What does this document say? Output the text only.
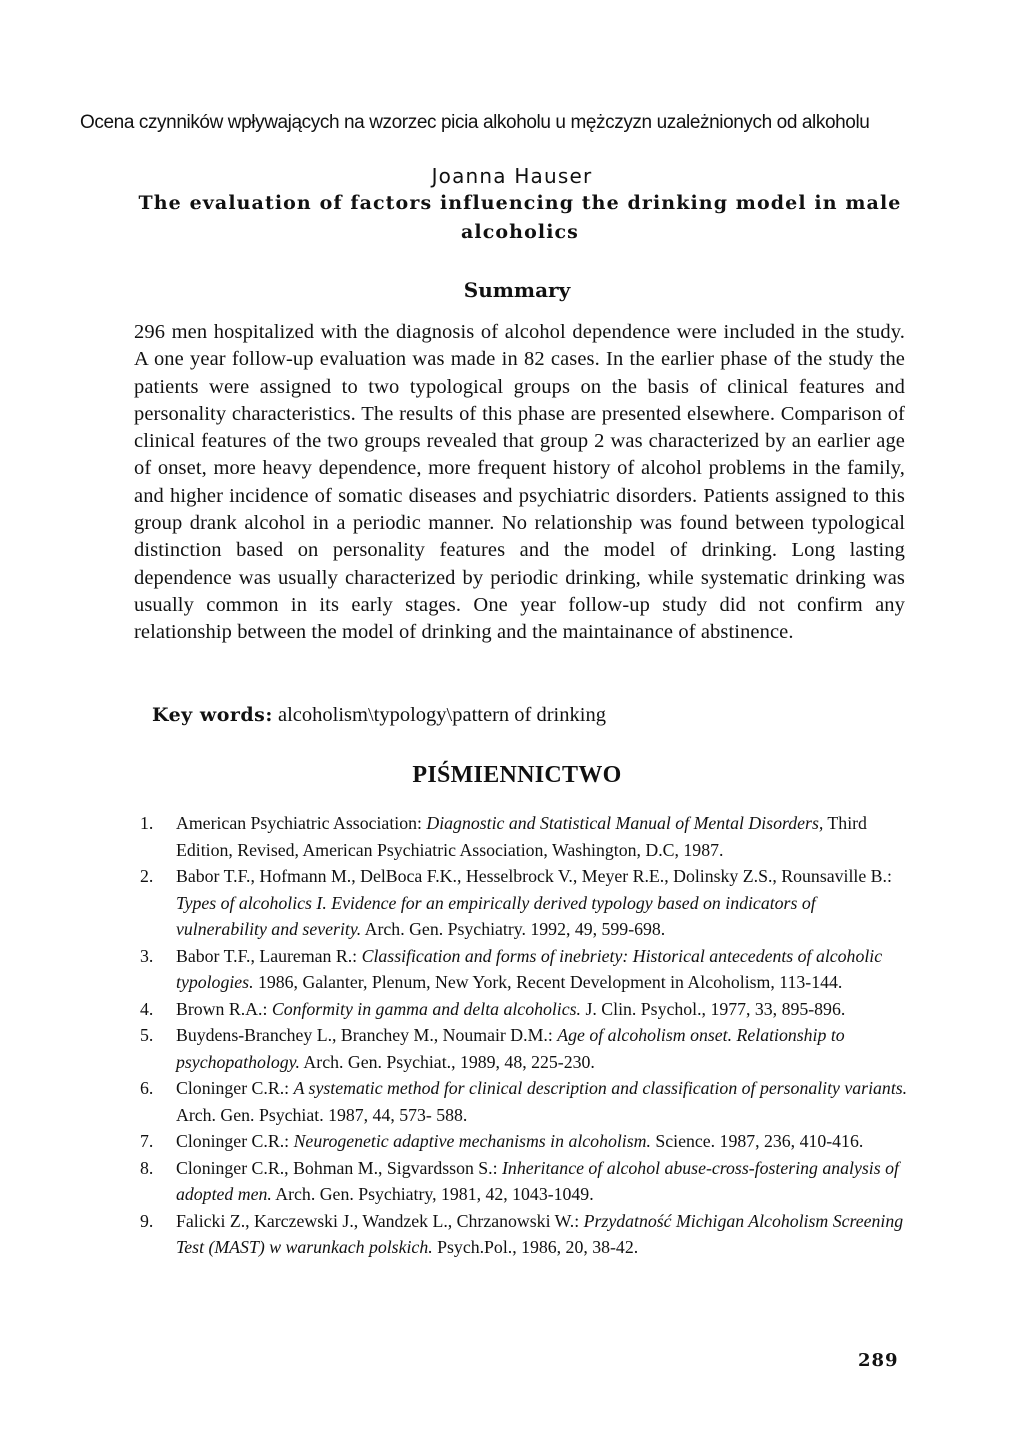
Ocena czynników wpływających na wzorzec picia alkoholu u mężczyzn uzależnionych od alkoholu
Joanna Hauser
The evaluation of factors influencing the drinking model in male alcoholics
Summary

296 men hospitalized with the diagnosis of alcohol dependence were included in the study. A one year follow-up evaluation was made in 82 cases. In the earlier phase of the study the patients were assigned to two typological groups on the basis of clinical features and personality characteristics. The results of this phase are presented elsewhere. Comparison of clinical features of the two groups revealed that group 2 was characterized by an earlier age of onset, more heavy dependence, more frequent history of alcohol problems in the family, and higher incidence of somatic diseases and psychiatric disorders. Patients assigned to this group drank alcohol in a periodic manner. No relationship was found between typological distinction based on personality features and the model of drinking. Long lasting dependence was usually characterized by periodic drinking, while systematic drinking was usually common in its early stages. One year follow-up study did not confirm any relationship between the model of drinking and the maintainance of abstinence.

Key words: alcoholism\typology\pattern of drinking
PIŚMIENNICTWO
1. American Psychiatric Association: Diagnostic and Statistical Manual of Mental Disorders, Third Edition, Revised, American Psychiatric Association, Washington, D.C, 1987.
2. Babor T.F., Hofmann M., DelBoca F.K., Hesselbrock V., Meyer R.E., Dolinsky Z.S., Rounsaville B.: Types of alcoholics I. Evidence for an empirically derived typology based on indicators of vulnerability and severity. Arch. Gen. Psychiatry. 1992, 49, 599-698.
3. Babor T.F., Laureman R.: Classification and forms of inebriety: Historical antecedents of alcoholic typologies. 1986, Galanter, Plenum, New York, Recent Development in Alcoholism, 113-144.
4. Brown R.A.: Conformity in gamma and delta alcoholics. J. Clin. Psychol., 1977, 33, 895-896.
5. Buydens-Branchey L., Branchey M., Noumair D.M.: Age of alcoholism onset. Relationship to psychopathology. Arch. Gen. Psychiat., 1989, 48, 225-230.
6. Cloninger C.R.: A systematic method for clinical description and classification of personality variants. Arch. Gen. Psychiat. 1987, 44, 573- 588.
7. Cloninger C.R.: Neurogenetic adaptive mechanisms in alcoholism. Science. 1987, 236, 410-416.
8. Cloninger C.R., Bohman M., Sigvardsson S.: Inheritance of alcohol abuse-cross-fostering analysis of adopted men. Arch. Gen. Psychiatry, 1981, 42, 1043-1049.
9. Falicki Z., Karczewski J., Wandzek L., Chrzanowski W.: Przydatność Michigan Alcoholism Screening Test (MAST) w warunkach polskich. Psych.Pol., 1986, 20, 38-42.
289
